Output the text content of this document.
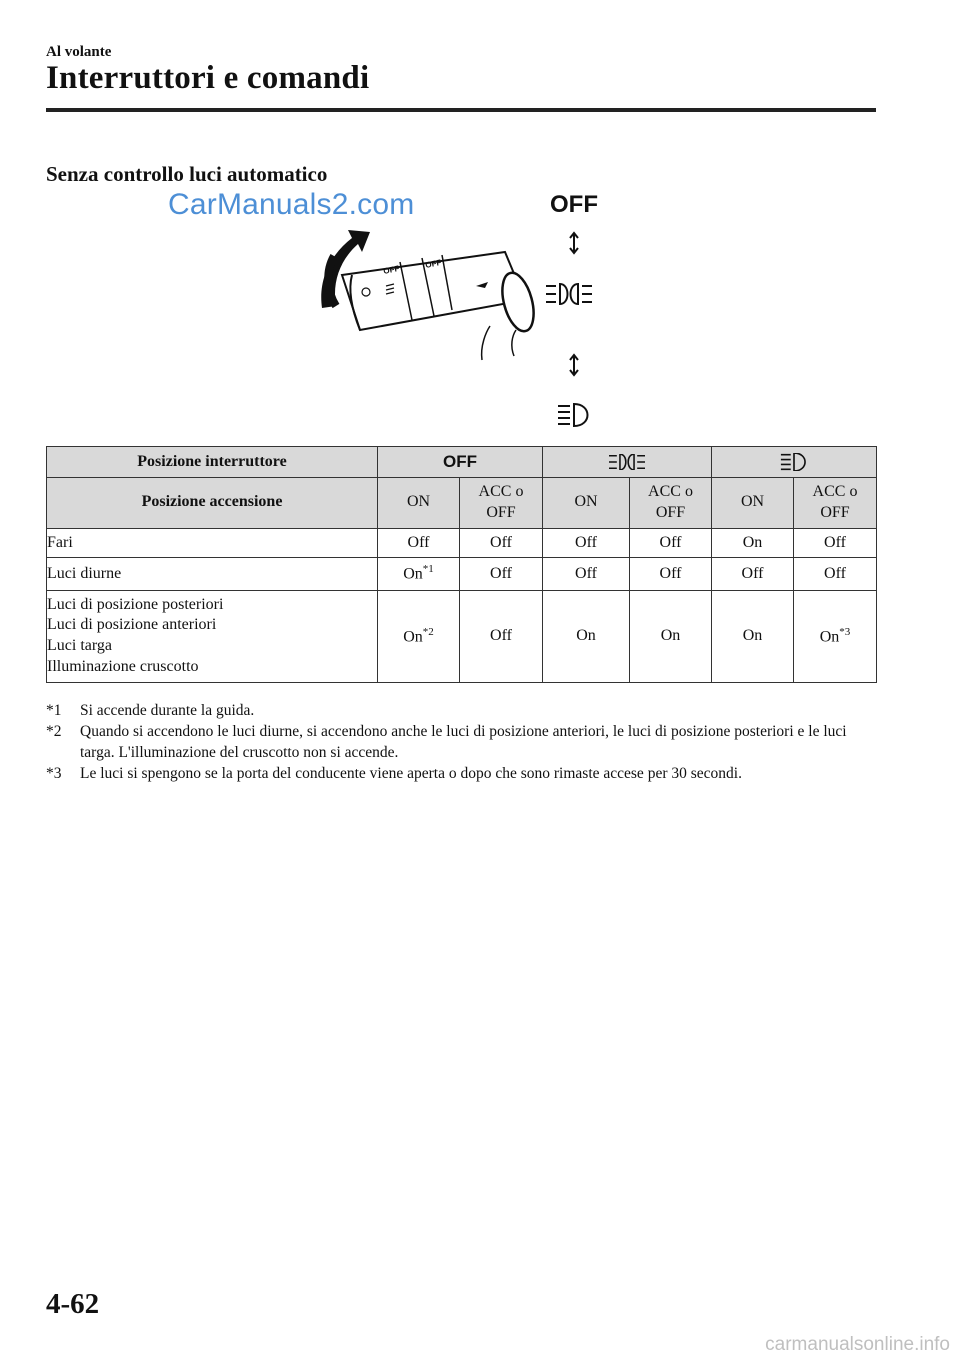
Al volante
Interruttori e comandi
Senza controllo luci automatico
CarManuals2.com
OFF	OFF
OFF
Posizione interruttore	OFF		
Posizione accensione	ON	ACC o OFF	ON	ACC o OFF	ON	ACC o OFF
Fari	Off	Off	Off	Off	On	Off
Luci diurne	On$^{*1}$	Off	Off	Off	Off	Off

Luci di posizione posteriori
Luci di posizione anteriori
Luci targa
Illuminazione cruscotto	On$^{*2}$	Off	On	On	On	On$^{*3}$
*1	Si accende durante la guida.
*2	Quando si accendono le luci diurne, si accendono anche le luci di posizione anteriori, le luci di posizione posteriori e le luci targa. L'illuminazione del cruscotto non si accende.
*3	Le luci si spengono se la porta del conducente viene aperta o dopo che sono rimaste accese per 30 secondi.
4-62
carmanualsonline.info
